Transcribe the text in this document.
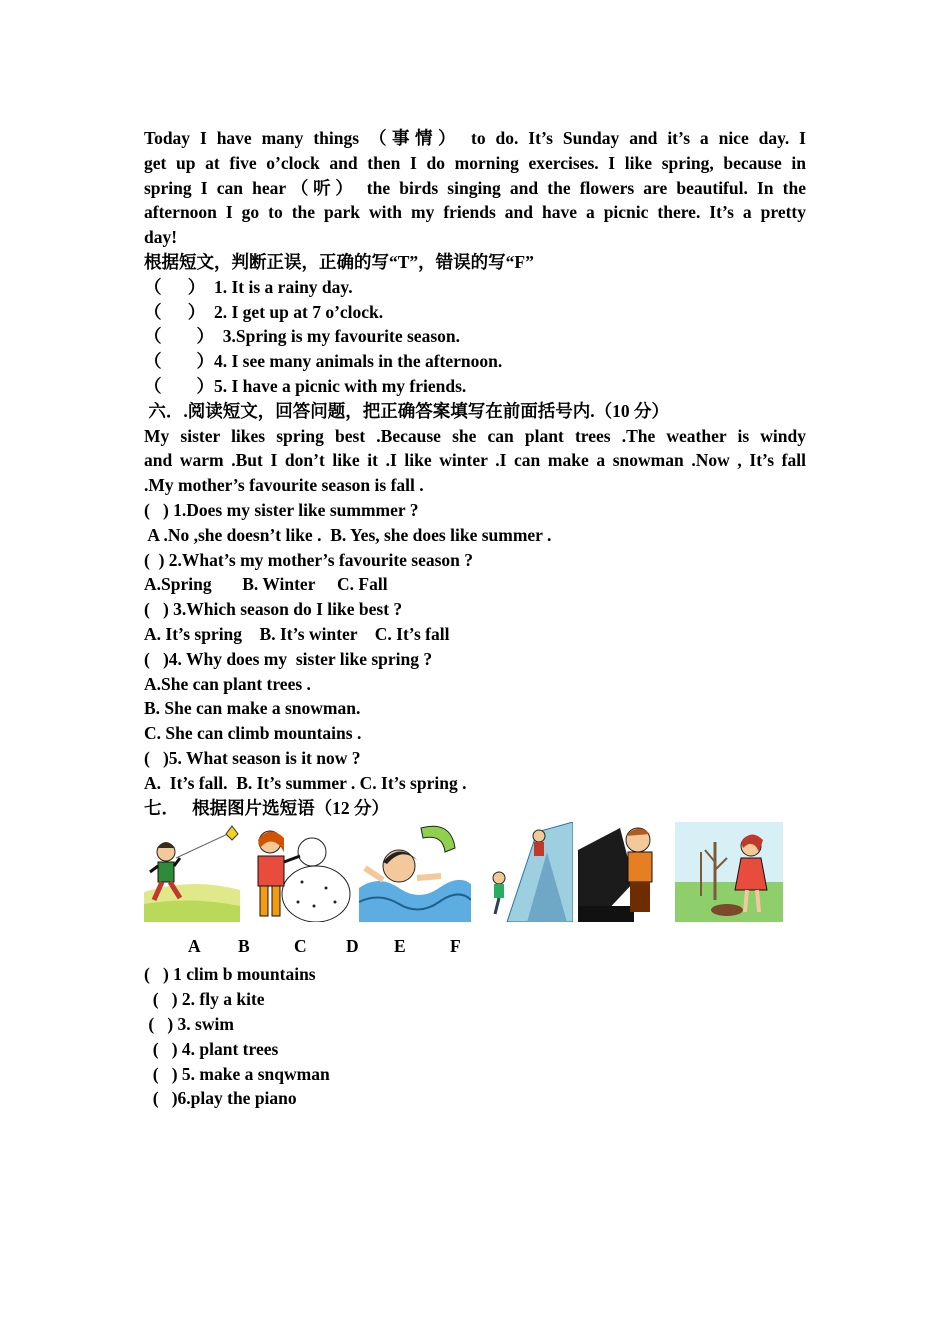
Today I have many things （事情） to do. It’s Sunday and it’s a nice day. I
get up at five o’clock and then I do morning exercises. I like spring, because in
spring I can hear（听） the birds singing and the flowers are beautiful. In the
afternoon I go to the park with my friends and have a picnic there. It’s a pretty
day!
根据短文，判断正误，正确的写“T”，错误的写“F”
（      ）  1. It is a rainy day.
（      ）  2. I get up at 7 o’clock.
（        ）  3.Spring is my favourite season.
（        ）4. I see many animals in the afternoon.
（        ）5. I have a picnic with my friends.
六．.阅读短文，回答问题，把正确答案填写在前面括号内.（10 分）
My sister likes spring best .Because she can plant trees .The weather is windy
and warm .But I don’t like it .I like winter .I can make a snowman .Now , It’s fall
.My mother’s favourite season is fall .
(   ) 1.Does my sister like summmer ?
A .No ,she doesn’t like .  B. Yes, she does like summer .
(  ) 2.What’s my mother’s favourite season ?
A.Spring       B. Winter     C. Fall
(   ) 3.Which season do I like best ?
A. It’s spring    B. It’s winter    C. It’s fall
(   )4. Why does my  sister like spring ?
A.She can plant trees .
B. She can make a snowman.
C. She can climb mountains .
(   )5. What season is it now ?
A.  It’s fall.  B. It’s summer . C. It’s spring .
七．   根据图片选短语（12 分）
A B	C D E	F
(   ) 1 clim b mountains
(   ) 2. fly a kite
(   ) 3. swim
(   ) 4. plant trees
(   ) 5. make a snqwman
(   )6.play the piano
